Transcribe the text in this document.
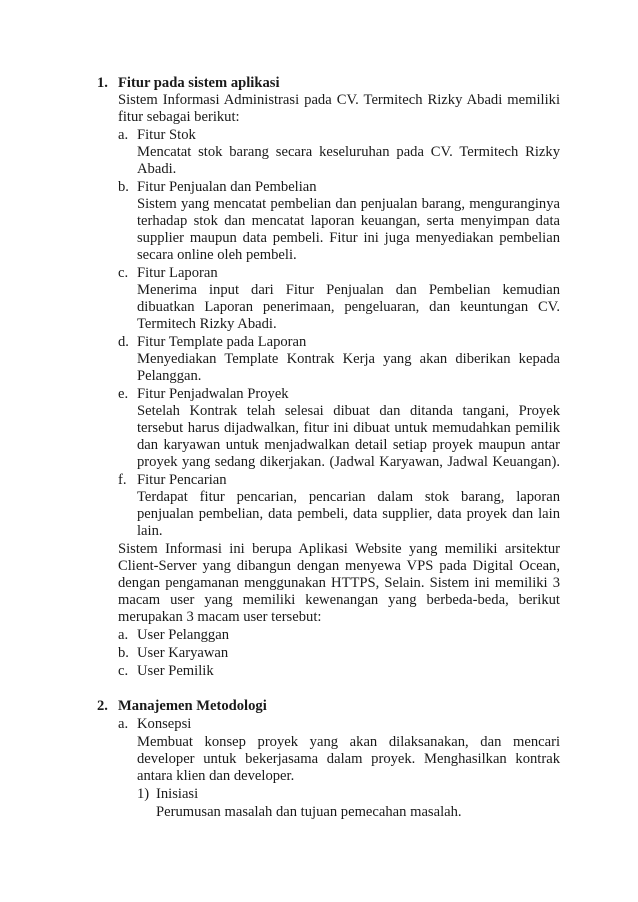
1. Fitur pada sistem aplikasi
Sistem Informasi Administrasi pada CV. Termitech Rizky Abadi memiliki
fitur sebagai berikut:
a. Fitur Stok
Mencatat stok barang secara keseluruhan pada CV. Termitech Rizky
Abadi.
b. Fitur Penjualan dan Pembelian
Sistem yang mencatat pembelian dan penjualan barang, menguranginya
terhadap stok dan mencatat laporan keuangan, serta menyimpan data
supplier maupun data pembeli. Fitur ini juga menyediakan pembelian
secara online oleh pembeli.
c. Fitur Laporan
Menerima input dari Fitur Penjualan dan Pembelian kemudian
dibuatkan Laporan penerimaan, pengeluaran, dan keuntungan CV.
Termitech Rizky Abadi.
d. Fitur Template pada Laporan
Menyediakan Template Kontrak Kerja yang akan diberikan kepada
Pelanggan.
e. Fitur Penjadwalan Proyek
Setelah Kontrak telah selesai dibuat dan ditanda tangani, Proyek
tersebut harus dijadwalkan, fitur ini dibuat untuk memudahkan pemilik
dan karyawan untuk menjadwalkan detail setiap proyek maupun antar
proyek yang sedang dikerjakan. (Jadwal Karyawan, Jadwal Keuangan).
f. Fitur Pencarian
Terdapat fitur pencarian, pencarian dalam stok barang, laporan
penjualan pembelian, data pembeli, data supplier, data proyek dan lain
lain.
Sistem Informasi ini berupa Aplikasi Website yang memiliki arsitektur
Client-Server yang dibangun dengan menyewa VPS pada Digital Ocean,
dengan pengamanan menggunakan HTTPS, Selain. Sistem ini memiliki 3
macam user yang memiliki kewenangan yang berbeda-beda, berikut
merupakan 3 macam user tersebut:
a. User Pelanggan
b. User Karyawan
c. User Pemilik
2. Manajemen Metodologi
a. Konsepsi
Membuat konsep proyek yang akan dilaksanakan, dan mencari
developer untuk bekerjasama dalam proyek. Menghasilkan kontrak
antara klien dan developer.
1) Inisiasi
Perumusan masalah dan tujuan pemecahan masalah.
